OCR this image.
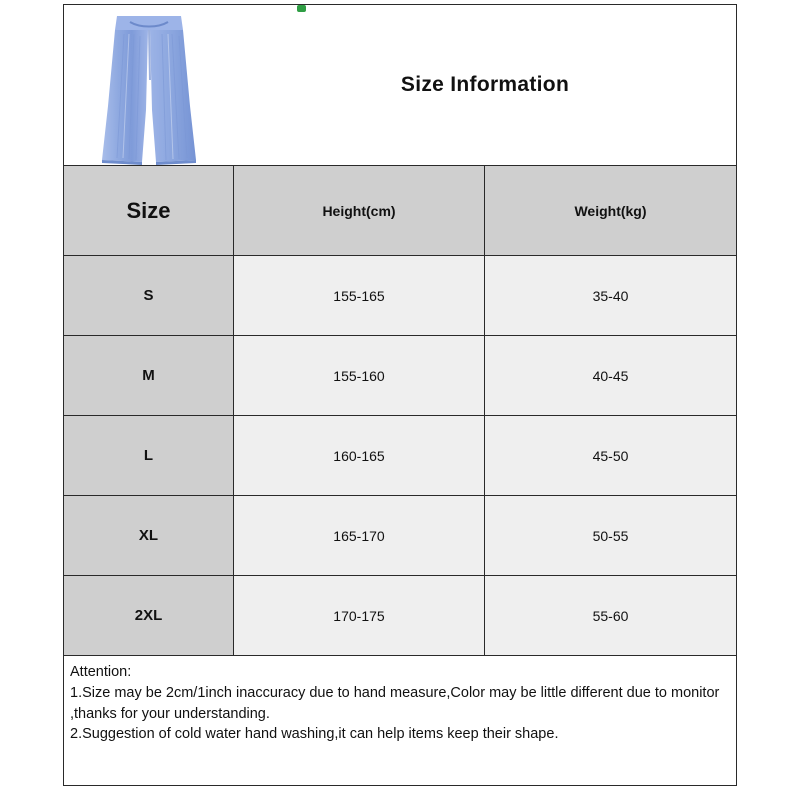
Size Information
Size	Height(cm)	Weight(kg)
S	155-165	35-40
M	155-160	40-45
L	160-165	45-50
XL	165-170	50-55
2XL	170-175	55-60
Attention:
1.Size may be 2cm/1inch inaccuracy due to hand measure,Color may be little different due to monitor ,thanks for your understanding.
2.Suggestion of cold water hand washing,it can help items keep their shape.
